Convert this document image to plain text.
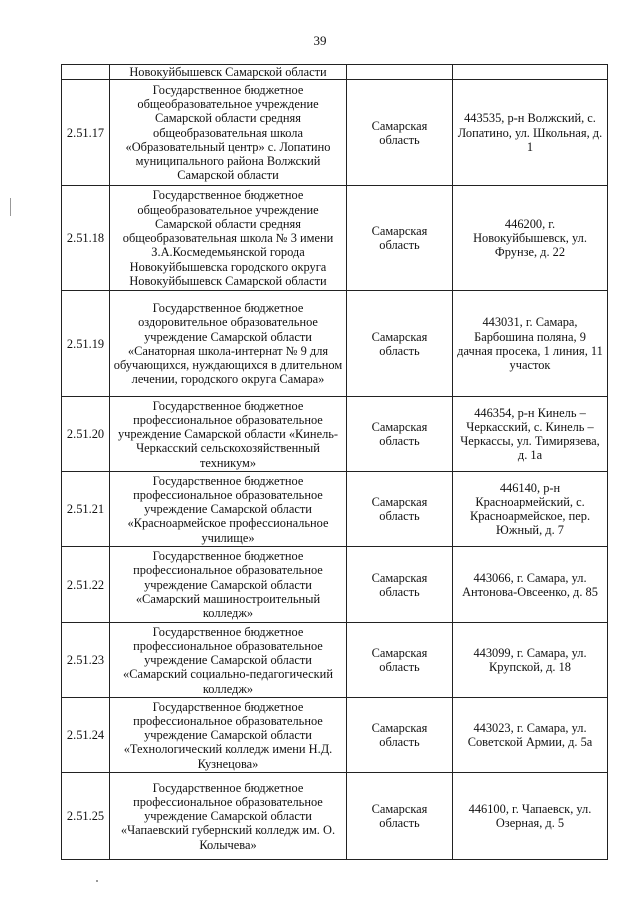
39
	Новокуйбышевск Самарской области		
2.51.17	Государственное бюджетное общеобразовательное учреждение Самарской области средняя общеобразовательная школа «Образовательный центр» с. Лопатино муниципального района Волжский Самарской области	Самарская область	443535, р-н Волжский, с. Лопатино, ул. Школьная, д. 1
2.51.18	Государственное бюджетное общеобразовательное учреждение Самарской области средняя общеобразовательная школа № 3 имени З.А.Космедемьянской города Новокуйбышевска городского округа Новокуйбышевск Самарской области	Самарская область	446200, г. Новокуйбышевск, ул. Фрунзе, д. 22
2.51.19	Государственное бюджетное оздоровительное образовательное учреждение Самарской области «Санаторная школа-интернат № 9 для обучающихся, нуждающихся в длительном лечении, городского округа Самара»	Самарская область	443031, г. Самара, Барбошина поляна, 9 дачная просека, 1 линия, 11 участок
2.51.20	Государственное бюджетное профессиональное образовательное учреждение Самарской области «Кинель-Черкасский сельскохозяйственный техникум»	Самарская область	446354, р-н Кинель – Черкасский, с. Кинель – Черкассы, ул. Тимирязева, д. 1а
2.51.21	Государственное бюджетное профессиональное образовательное учреждение Самарской области «Красноармейское профессиональное училище»	Самарская область	446140, р-н Красноармейский, с. Красноармейское, пер. Южный, д. 7
2.51.22	Государственное бюджетное профессиональное образовательное учреждение Самарской области «Самарский машиностроительный колледж»	Самарская область	443066, г. Самара, ул. Антонова-Овсеенко, д. 85
2.51.23	Государственное бюджетное профессиональное образовательное учреждение Самарской области «Самарский социально-педагогический колледж»	Самарская область	443099, г. Самара, ул. Крупской, д. 18
2.51.24	Государственное бюджетное профессиональное образовательное учреждение Самарской области «Технологический колледж имени Н.Д. Кузнецова»	Самарская область	443023, г. Самара, ул. Советской Армии, д. 5а
2.51.25	Государственное бюджетное профессиональное образовательное учреждение Самарской области «Чапаевский губернский колледж им. О. Колычева»	Самарская область	446100, г. Чапаевск, ул. Озерная, д. 5
